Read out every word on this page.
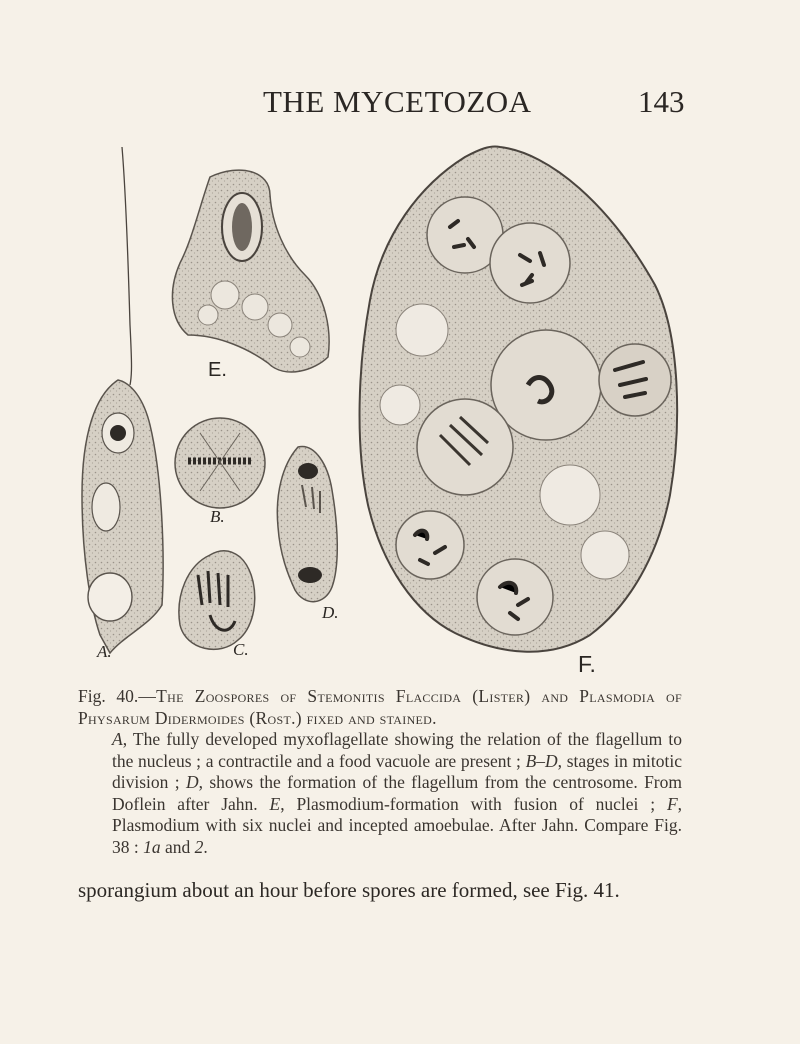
THE MYCETOZOA	143
A.
B.
C.
D.
E.
F.
Fig. 40.—The Zoospores of Stemonitis Flaccida (Lister) and Plasmodia of Physarum Didermoides (Rost.) fixed and stained.
A, The fully developed myxoflagellate showing the relation of the flagellum to the nucleus ; a contractile and a food vacuole are present ; B–D, stages in mitotic division ; D, shows the formation of the flagellum from the centrosome. From Doflein after Jahn. E, Plasmodium-formation with fusion of nuclei ; F, Plasmodium with six nuclei and incepted amoebulae. After Jahn. Compare Fig. 38 : 1a and 2.
sporangium about an hour before spores are formed, see Fig. 41.
